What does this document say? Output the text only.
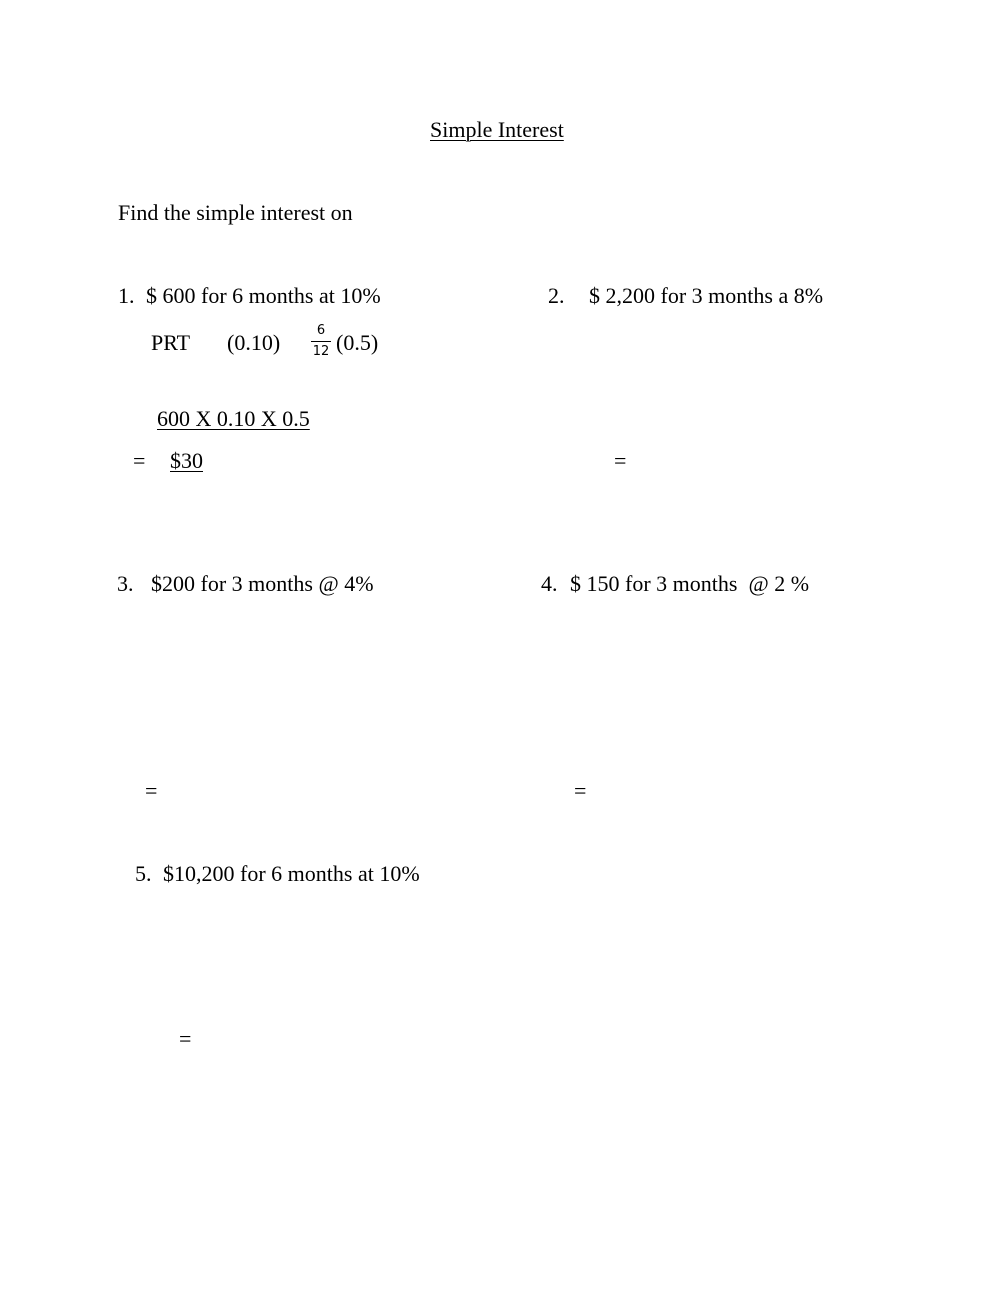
Simple Interest
Find the simple interest on
1. $ 600 for 6 months at 10%
PRT (0.10)	6
12 (0.5)
600 X 0.10 X 0.5
= $30
2. $ 2,200 for 3 months a 8%
=
3. $200 for 3 months @ 4%
=
4. $ 150 for 3 months  @ 2 %
=
5. $10,200 for 6 months at 10%
=
